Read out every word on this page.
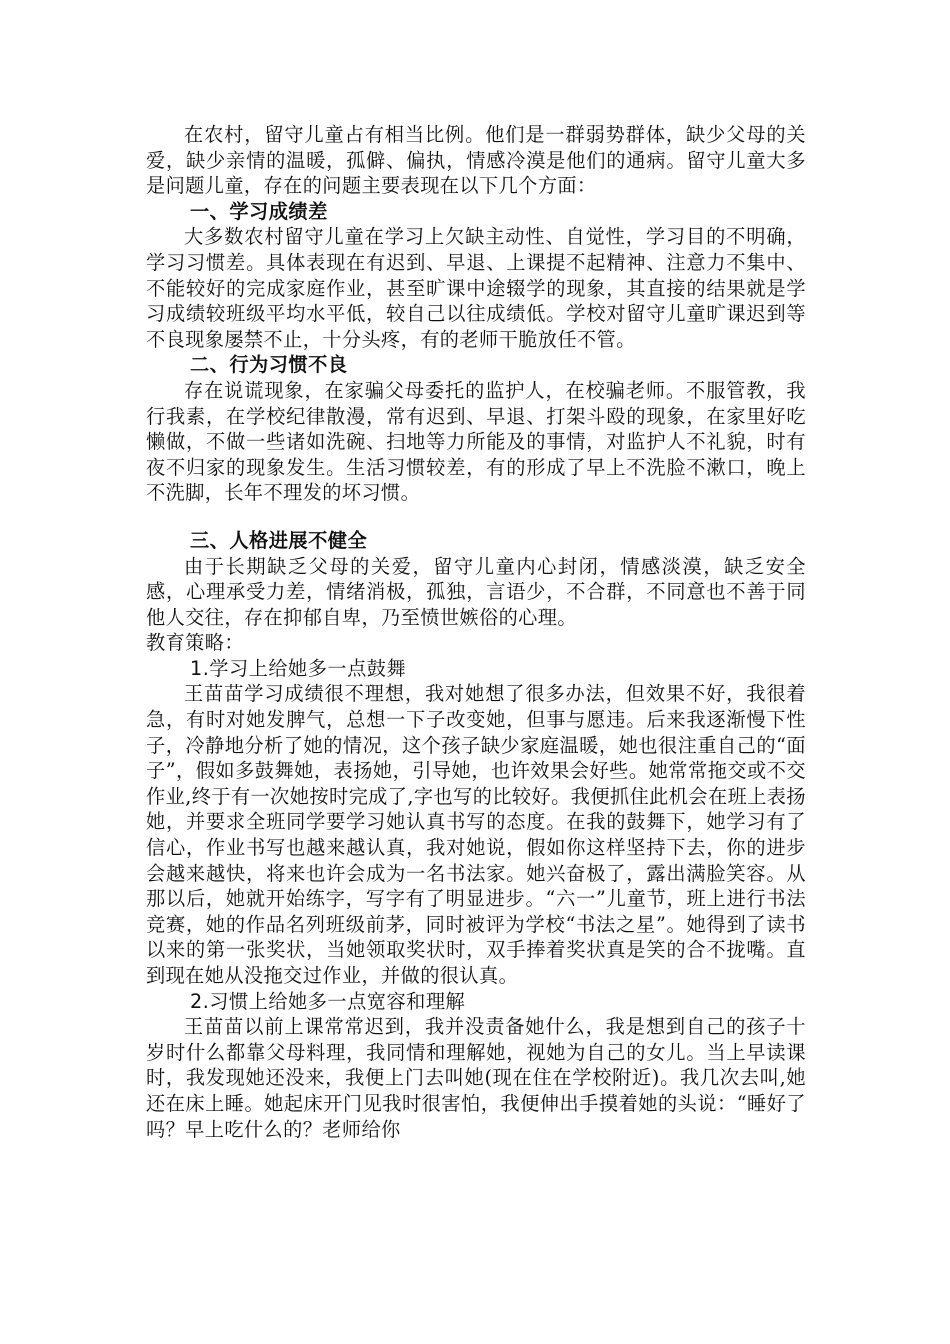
在农村，留守儿童占有相当比例。他们是一群弱势群体，缺少父母的关爱，缺少亲情的温暖，孤僻、偏执，情感冷漠是他们的通病。留守儿童大多是问题儿童，存在的问题主要表现在以下几个方面：

一、学习成绩差

大多数农村留守儿童在学习上欠缺主动性、自觉性，学习目的不明确，学习习惯差。具体表现在有迟到、早退、上课提不起精神、注意力不集中、不能较好的完成家庭作业，甚至旷课中途辍学的现象，其直接的结果就是学习成绩较班级平均水平低，较自己以往成绩低。学校对留守儿童旷课迟到等不良现象屡禁不止，十分头疼，有的老师干脆放任不管。

二、行为习惯不良

存在说谎现象，在家骗父母委托的监护人，在校骗老师。不服管教，我行我素，在学校纪律散漫，常有迟到、早退、打架斗殴的现象，在家里好吃懒做，不做一些诸如洗碗、扫地等力所能及的事情，对监护人不礼貌，时有夜不归家的现象发生。生活习惯较差，有的形成了早上不洗脸不漱口，晚上不洗脚，长年不理发的坏习惯。

三、人格进展不健全

由于长期缺乏父母的关爱，留守儿童内心封闭，情感淡漠，缺乏安全感，心理承受力差，情绪消极，孤独，言语少，不合群，不同意也不善于同他人交往，存在抑郁自卑，乃至愤世嫉俗的心理。

教育策略：

1.学习上给她多一点鼓舞

王苗苗学习成绩很不理想，我对她想了很多办法，但效果不好，我很着急，有时对她发脾气，总想一下子改变她，但事与愿违。后来我逐渐慢下性子，冷静地分析了她的情况，这个孩子缺少家庭温暖，她也很注重自己的“面子”，假如多鼓舞她，表扬她，引导她，也许效果会好些。她常常拖交或不交作业,终于有一次她按时完成了,字也写的比较好。我便抓住此机会在班上表扬她，并要求全班同学要学习她认真书写的态度。在我的鼓舞下，她学习有了信心，作业书写也越来越认真，我对她说，假如你这样坚持下去，你的进步会越来越快，将来也许会成为一名书法家。她兴奋极了，露出满脸笑容。从那以后，她就开始练字，写字有了明显进步。“六一”儿童节，班上进行书法竞赛，她的作品名列班级前茅，同时被评为学校“书法之星”。她得到了读书以来的第一张奖状，当她领取奖状时，双手捧着奖状真是笑的合不拢嘴。直到现在她从没拖交过作业，并做的很认真。

2.习惯上给她多一点宽容和理解

王苗苗以前上课常常迟到，我并没责备她什么，我是想到自己的孩子十岁时什么都靠父母料理，我同情和理解她，视她为自己的女儿。当上早读课时，我发现她还没来，我便上门去叫她(现在住在学校附近)。我几次去叫,她还在床上睡。她起床开门见我时很害怕，我便伸出手摸着她的头说：“睡好了吗？早上吃什么的？老师给你
